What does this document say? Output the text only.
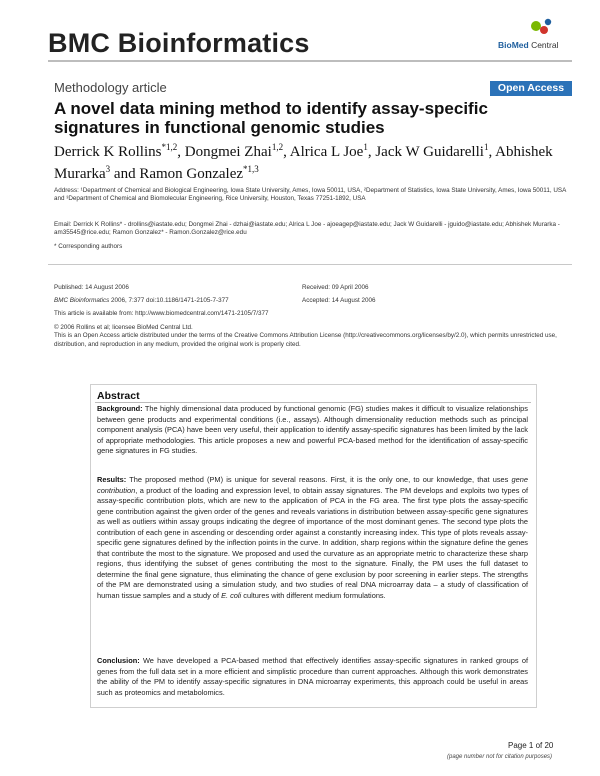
BMC Bioinformatics	BioMed Central
Methodology article	Open Access
A novel data mining method to identify assay-specific signatures in functional genomic studies
Derrick K Rollins$^{*1,2}$, Dongmei Zhai$^{1,2}$, Alrica L Joe$^1$, Jack W Guidarelli$^1$, Abhishek Murarka$^3$ and Ramon Gonzalez$^{*1,3}$
Address: ¹Department of Chemical and Biological Engineering, Iowa State University, Ames, Iowa 50011, USA, ²Department of Statistics, Iowa State University, Ames, Iowa 50011, USA and ³Department of Chemical and Biomolecular Engineering, Rice University, Houston, Texas 77251-1892, USA
Email: Derrick K Rollins* - drollins@iastate.edu; Dongmei Zhai - dzhai@iastate.edu; Alrica L Joe - ajoeagep@iastate.edu; Jack W Guidarelli - jguido@iastate.edu; Abhishek Murarka - am35545@rice.edu; Ramon Gonzalez* - Ramon.Gonzalez@rice.edu
* Corresponding authors
Published: 14 August 2006
BMC Bioinformatics 2006, 7:377 doi:10.1186/1471-2105-7-377
Received: 09 April 2006
Accepted: 14 August 2006
This article is available from: http://www.biomedcentral.com/1471-2105/7/377
© 2006 Rollins et al; licensee BioMed Central Ltd.
This is an Open Access article distributed under the terms of the Creative Commons Attribution License (http://creativecommons.org/licenses/by/2.0), which permits unrestricted use, distribution, and reproduction in any medium, provided the original work is properly cited.
Abstract
Background: The highly dimensional data produced by functional genomic (FG) studies makes it difficult to visualize relationships between gene products and experimental conditions (i.e., assays). Although dimensionality reduction methods such as principal component analysis (PCA) have been very useful, their application to identify assay-specific signatures has been limited by the lack of appropriate methodologies. This article proposes a new and powerful PCA-based method for the identification of assay-specific gene signatures in FG studies.
Results: The proposed method (PM) is unique for several reasons. First, it is the only one, to our knowledge, that uses gene contribution, a product of the loading and expression level, to obtain assay signatures. The PM develops and exploits two types of assay-specific contribution plots, which are new to the application of PCA in the FG area. The first type plots the assay-specific gene contribution against the given order of the genes and reveals variations in distribution between assay-specific gene signatures as well as outliers within assay groups indicating the degree of importance of the most dominant genes. The second type plots the contribution of each gene in ascending or descending order against a constantly increasing index. This type of plots reveals assay-specific gene signatures defined by the inflection points in the curve. In addition, sharp regions within the signature define the genes that contribute the most to the signature. We proposed and used the curvature as an appropriate metric to characterize these sharp regions, thus identifying the subset of genes contributing the most to the signature. Finally, the PM uses the full dataset to determine the final gene signature, thus eliminating the chance of gene exclusion by poor screening in earlier steps. The strengths of the PM are demonstrated using a simulation study, and two studies of real DNA microarray data – a study of classification of human tissue samples and a study of E. coli cultures with different medium formulations.
Conclusion: We have developed a PCA-based method that effectively identifies assay-specific signatures in ranked groups of genes from the full data set in a more efficient and simplistic procedure than current approaches. Although this work demonstrates the ability of the PM to identify assay-specific signatures in DNA microarray experiments, this approach could be useful in areas such as proteomics and metabolomics.
Page 1 of 20
(page number not for citation purposes)
